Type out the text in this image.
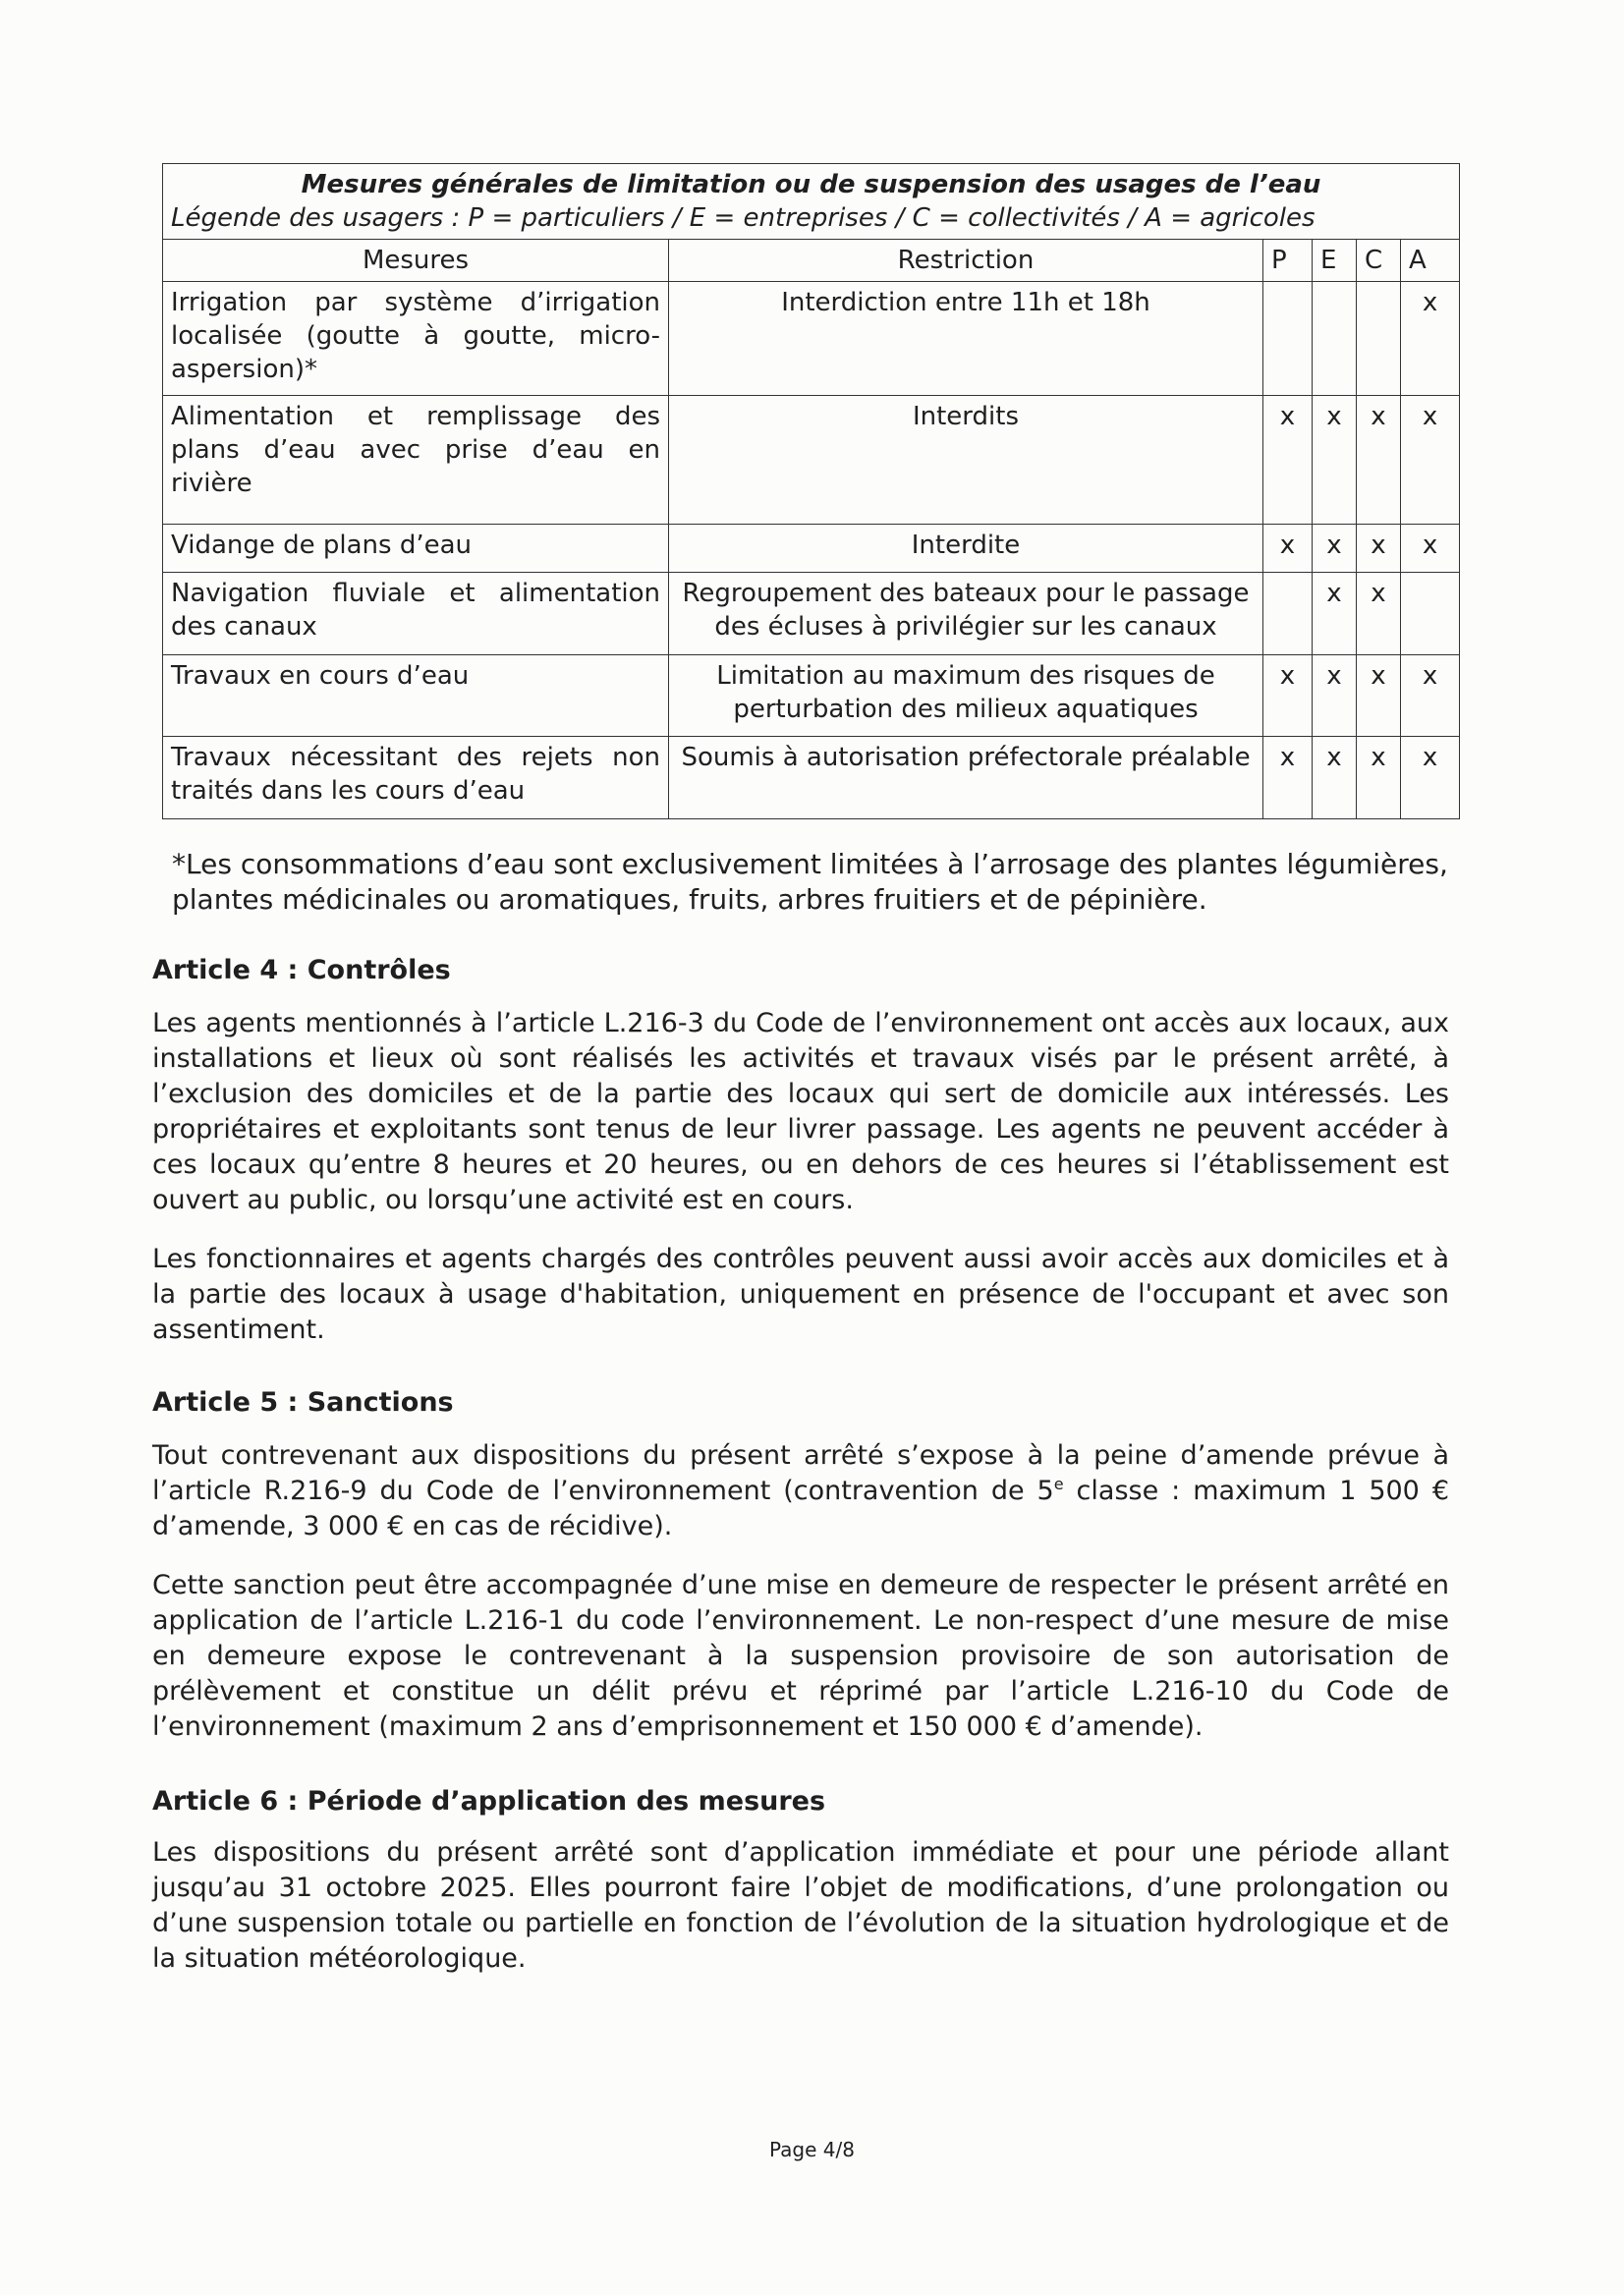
Mesures générales de limitation ou de suspension des usages de l’eau
Légende des usagers : P = particuliers / E = entreprises / C = collectivités / A = agricoles					

Mesures	Restriction	P	E	C	A
Irrigation par système d’irrigation localisée (goutte à goutte, micro-aspersion)*	Interdiction entre 11h et 18h				x
Alimentation et remplissage des plans d’eau avec prise d’eau en rivière	Interdits	x	x	x	x
Vidange de plans d’eau	Interdite	x	x	x	x
Navigation fluviale et alimentation des canaux	Regroupement des bateaux pour le passage des écluses à privilégier sur les canaux		x	x	
Travaux en cours d’eau	Limitation au maximum des risques de perturbation des milieux aquatiques	x	x	x	x
Travaux nécessitant des rejets non traités dans les cours d’eau	Soumis à autorisation préfectorale préalable	x	x	x	x

*Les consommations d’eau sont exclusivement limitées à l’arrosage des plantes légumières, plantes médicinales ou aromatiques, fruits, arbres fruitiers et de pépinière.

Article 4 : Contrôles
Les agents mentionnés à l’article L.216-3 du Code de l’environnement ont accès aux locaux, aux installations et lieux où sont réalisés les activités et travaux visés par le présent arrêté, à l’exclusion des domiciles et de la partie des locaux qui sert de domicile aux intéressés. Les propriétaires et exploitants sont tenus de leur livrer passage. Les agents ne peuvent accéder à ces locaux qu’entre 8 heures et 20 heures, ou en dehors de ces heures si l’établissement est ouvert au public, ou lorsqu’une activité est en cours.
Les fonctionnaires et agents chargés des contrôles peuvent aussi avoir accès aux domiciles et à la partie des locaux à usage d'habitation, uniquement en présence de l'occupant et avec son assentiment.
Article 5 : Sanctions
Tout contrevenant aux dispositions du présent arrêté s’expose à la peine d’amende prévue à l’article R.216-9 du Code de l’environnement (contravention de 5e classe : maximum 1 500 € d’amende, 3 000 € en cas de récidive).
Cette sanction peut être accompagnée d’une mise en demeure de respecter le présent arrêté en application de l’article L.216-1 du code l’environnement. Le non-respect d’une mesure de mise en demeure expose le contrevenant à la suspension provisoire de son autorisation de prélèvement et constitue un délit prévu et réprimé par l’article L.216-10 du Code de l’environnement (maximum 2 ans d’emprisonnement et 150 000 € d’amende).
Article 6 : Période d’application des mesures
Les dispositions du présent arrêté sont d’application immédiate et pour une période allant jusqu’au 31 octobre 2025. Elles pourront faire l’objet de modifications, d’une prolongation ou d’une suspension totale ou partielle en fonction de l’évolution de la situation hydrologique et de la situation météorologique.
Page 4/8
